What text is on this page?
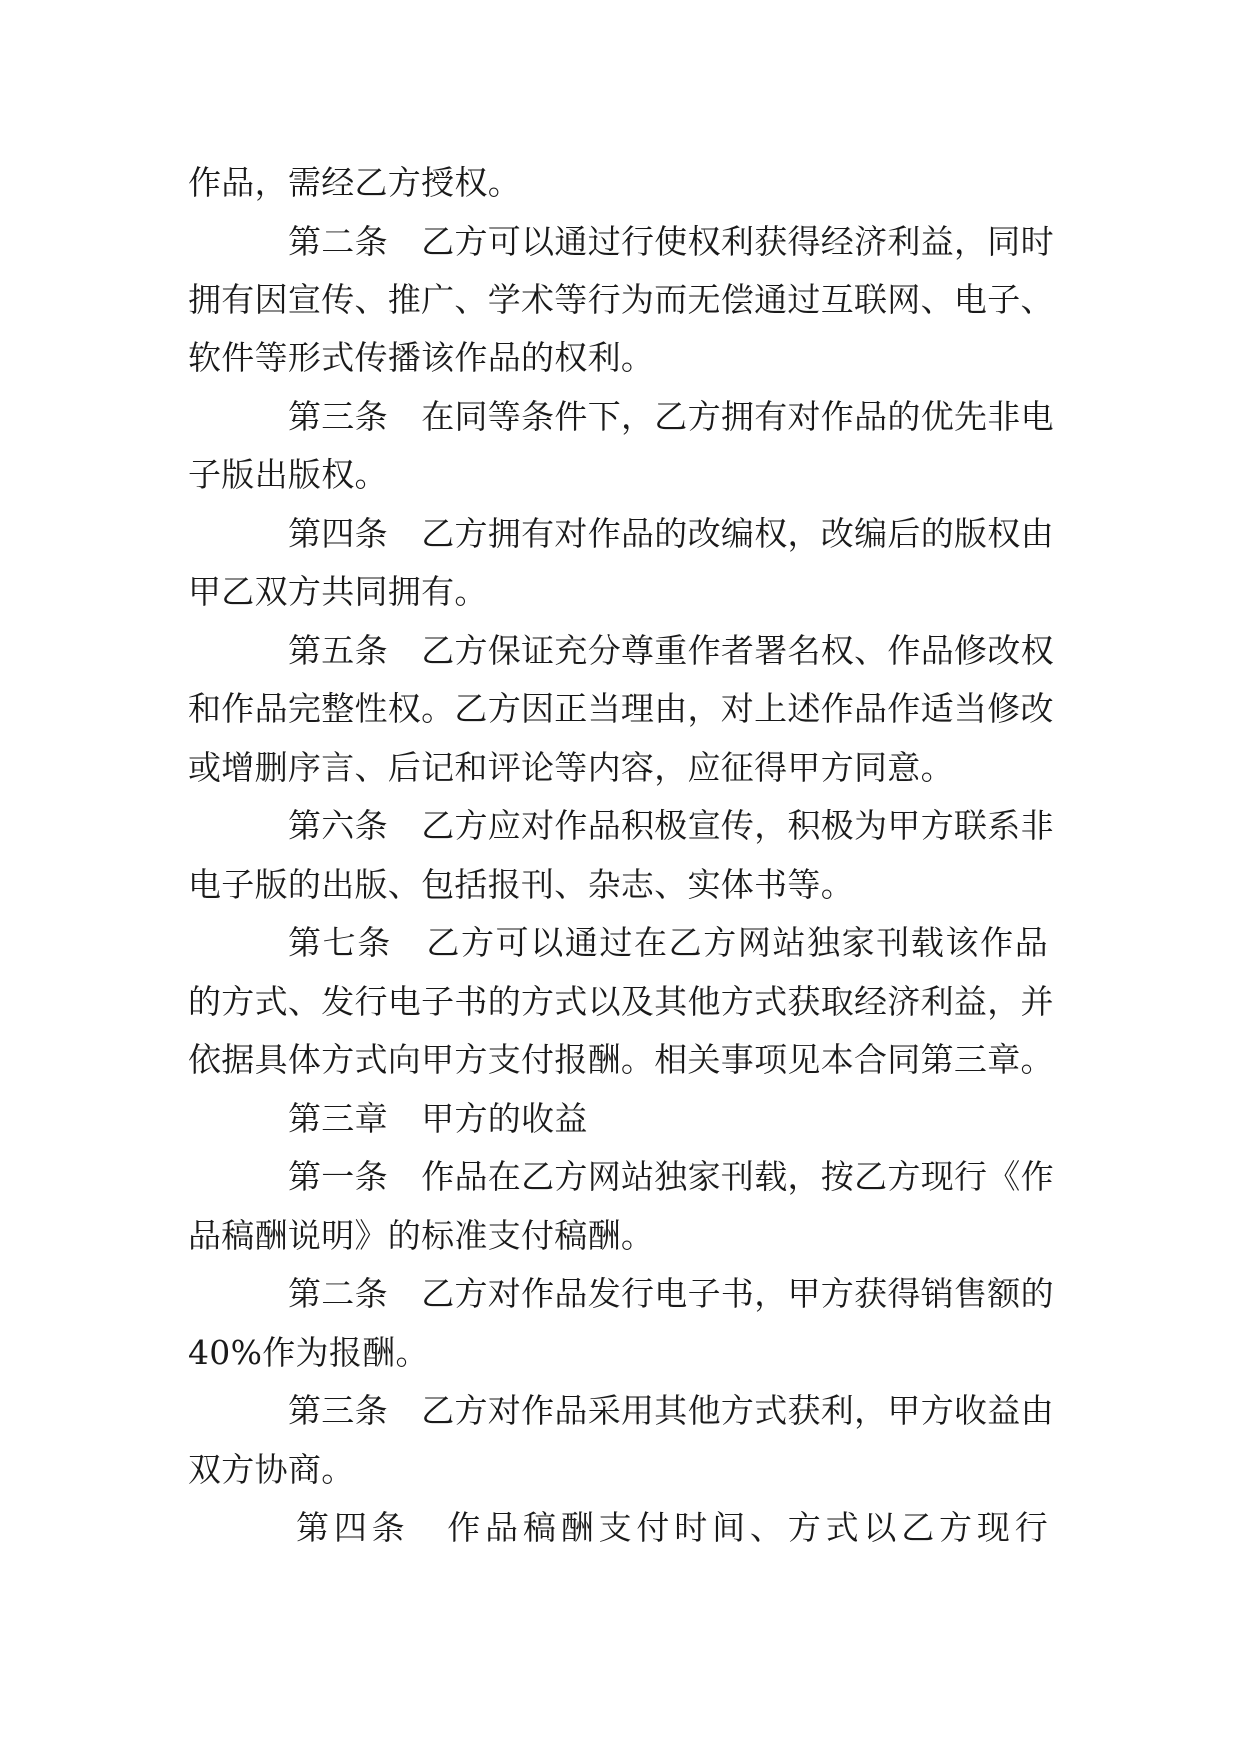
作品，需经乙方授权。
第二条　乙方可以通过行使权利获得经济利益，同时
拥有因宣传、推广、学术等行为而无偿通过互联网、电子、
软件等形式传播该作品的权利。
第三条　在同等条件下，乙方拥有对作品的优先非电
子版出版权。
第四条　乙方拥有对作品的改编权，改编后的版权由
甲乙双方共同拥有。
第五条　乙方保证充分尊重作者署名权、作品修改权
和作品完整性权。乙方因正当理由，对上述作品作适当修改
或增删序言、后记和评论等内容，应征得甲方同意。
第六条　乙方应对作品积极宣传，积极为甲方联系非
电子版的出版、包括报刊、杂志、实体书等。
第七条　乙方可以通过在乙方网站独家刊载该作品
的方式、发行电子书的方式以及其他方式获取经济利益，并
依据具体方式向甲方支付报酬。相关事项见本合同第三章。
第三章　甲方的收益
第一条　作品在乙方网站独家刊载，按乙方现行《作
品稿酬说明》的标准支付稿酬。
第二条　乙方对作品发行电子书，甲方获得销售额的
40%作为报酬。
第三条　乙方对作品采用其他方式获利，甲方收益由
双方协商。
第四条　作品稿酬支付时间、方式以乙方现行
